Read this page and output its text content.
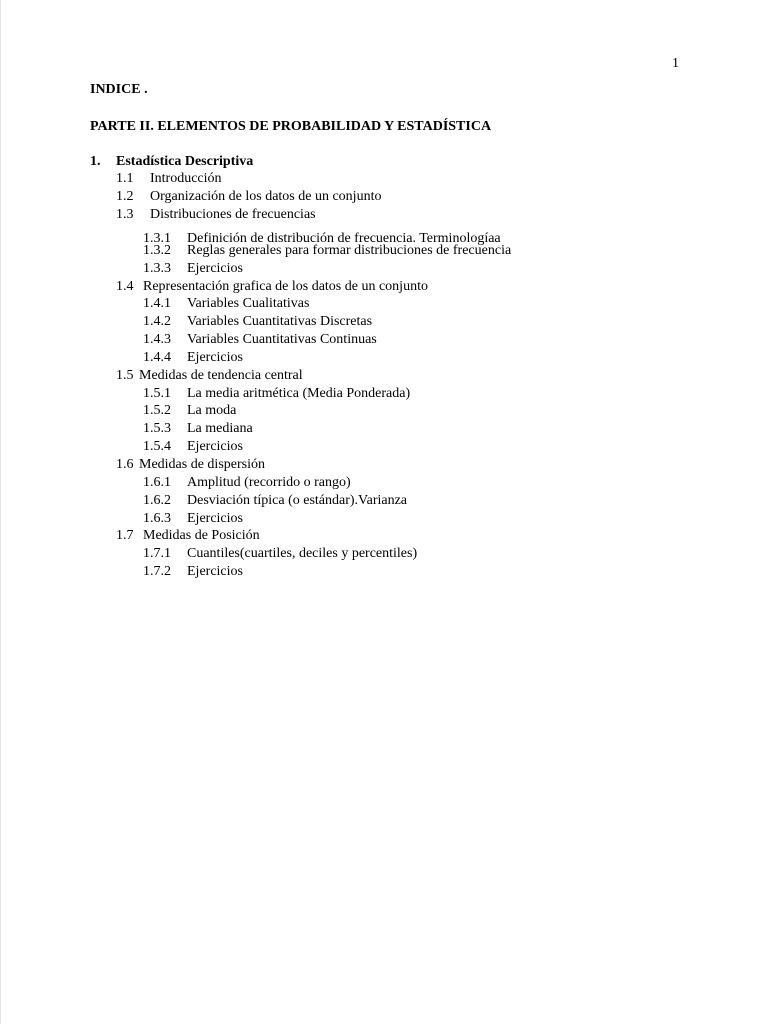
1
INDICE .
PARTE II. ELEMENTOS DE PROBABILIDAD Y ESTADÍSTICA
1. Estadística Descriptiva
1.1 Introducción
1.2 Organización de los datos de un conjunto
1.3 Distribuciones de frecuencias
1.3.1 Definición de distribución de frecuencia. Terminologíaa
1.3.2 Reglas generales para formar distribuciones de frecuencia
1.3.3 Ejercicios
1.4 Representación grafica de los datos de un conjunto
1.4.1 Variables Cualitativas
1.4.2 Variables Cuantitativas Discretas
1.4.3 Variables Cuantitativas Continuas
1.4.4 Ejercicios
1.5 Medidas de tendencia central
1.5.1 La media aritmética (Media Ponderada)
1.5.2 La moda
1.5.3 La mediana
1.5.4 Ejercicios
1.6 Medidas de dispersión
1.6.1 Amplitud (recorrido o rango)
1.6.2 Desviación típica (o estándar).Varianza
1.6.3 Ejercicios
1.7 Medidas de Posición
1.7.1 Cuantiles(cuartiles, deciles y percentiles)
1.7.2 Ejercicios
